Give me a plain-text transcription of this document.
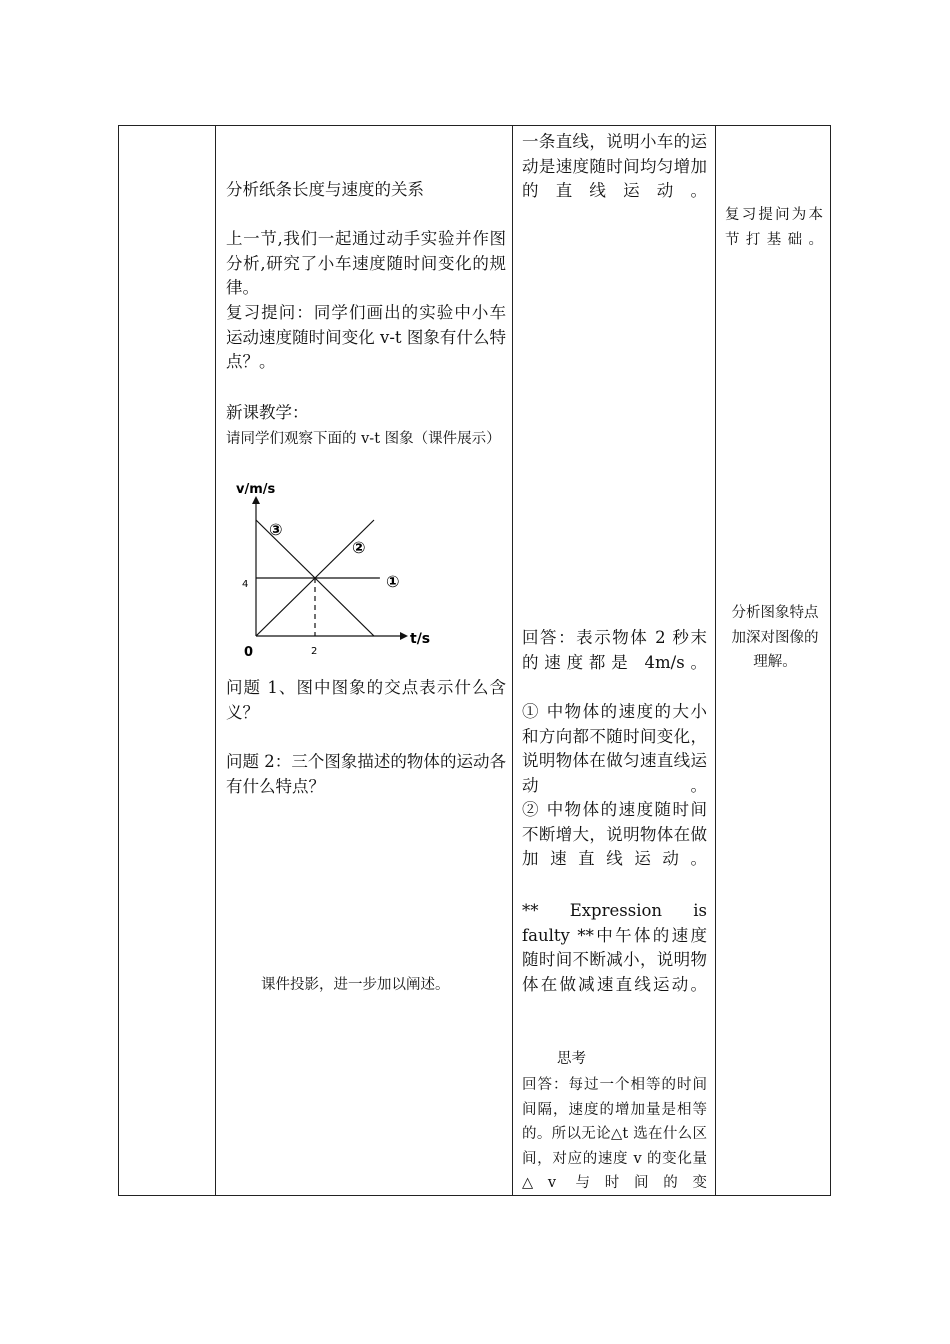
分析纸条长度与速度的关系
上一节,我们一起通过动手实验并作图分析,研究了小车速度随时间变化的规律。
复习提问：同学们画出的实验中小车运动速度随时间变化 v-t 图象有什么特点？。
新课教学：
请同学们观察下面的 v-t 图象（课件展示）
v/m/s
t/s
0	2
4	①
②
③
问题 1、图中图象的交点表示什么含义？
问题 2：三个图象描述的物体的运动各有什么特点？
课件投影，进一步加以阐述。
一条直线，说明小车的运动是速度随时间均匀增加的直线运动。
回答：表示物体 2 秒末的速度都是 4m/s。
① 中物体的速度的大小和方向都不随时间变化，说明物体在做匀速直线运动。
② 中物体的速度随时间不断增大，说明物体在做加速直线运动。
** Expression is faulty **中午体的速度随时间不断减小，说明物体在做减速直线运动。
思考
回答：每过一个相等的时间间隔，速度的增加量是相等的。所以无论△t 选在什么区间，对应的速度 v 的变化量△v 与时间的变
复习提问为本节打基础。
分析图象特点加深对图像的理解。
